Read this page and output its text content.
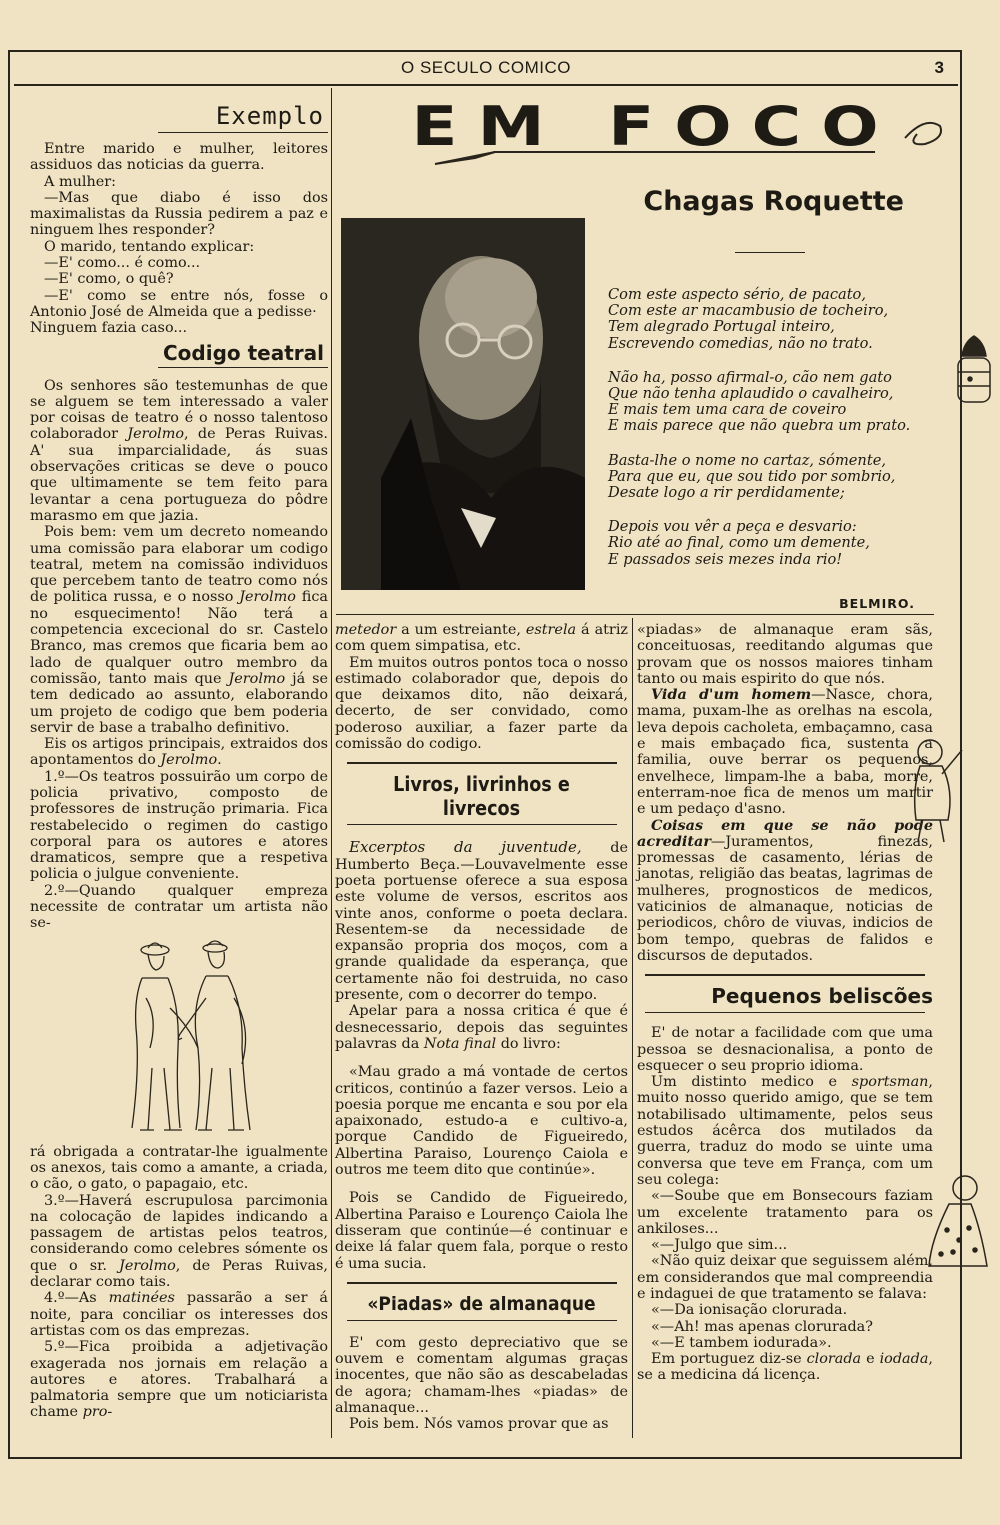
O SECULO COMICO	3
Exemplo

Entre marido e mulher, leitores assiduos das noticias da guerra.

A mulher:

—Mas que diabo é isso dos maximalistas da Russia pedirem a paz e ninguem lhes responder?

O marido, tentando explicar:

—E' como... é como...

—E' como, o quê?

—E' como se entre nós, fosse o Antonio José de Almeida que a pedisse·

Ninguem fazia caso...

Codigo teatral

Os senhores são testemunhas de que se alguem se tem interessado a valer por coisas de teatro é o nosso talentoso colaborador Jerolmo, de Peras Ruivas. A' sua imparcialidade, ás suas observações criticas se deve o pouco que ultimamente se tem feito para levantar a cena portugueza do pôdre marasmo em que jazia.

Pois bem: vem um decreto nomeando uma comissão para elaborar um codigo teatral, metem na comissão individuos que percebem tanto de teatro como nós de politica russa, e o nosso Jerolmo fica no esquecimento! Não terá a competencia excecional do sr. Castelo Branco, mas cremos que ficaria bem ao lado de qualquer outro membro da comissão, tanto mais que Jerolmo já se tem dedicado ao assunto, elaborando um projeto de codigo que bem poderia servir de base a trabalho definitivo.

Eis os artigos principais, extraidos dos apontamentos do Jerolmo.

1.º—Os teatros possuirão um corpo de policia privativo, composto de professores de instrução primaria. Fica restabelecido o regimen do castigo corporal para os autores e atores dramaticos, sempre que a respetiva policia o julgue conveniente.

2.º—Quando qualquer empreza necessite de contratar um artista não se-

rá obrigada a contratar-lhe igualmente os anexos, tais como a amante, a criada, o cão, o gato, o papagaio, etc.

3.º—Haverá escrupulosa parcimonia na colocação de lapides indicando a passagem de artistas pelos teatros, considerando como celebres sómente os que o sr. Jerolmo, de Peras Ruivas, declarar como tais.

4.º—As matinées passarão a ser á noite, para conciliar os interesses dos artistas com os das emprezas.

5.º—Fica proibida a adjetivação exagerada nos jornais em relação a autores e atores. Trabalhará a palmatoria sempre que um noticiarista chame pro-

EM FOCO
Chagas Roquette

Com este aspecto sério, de pacato,

Com este ar macambusio de tocheiro,

Tem alegrado Portugal inteiro,

Escrevendo comedias, não no trato.

Não ha, posso afirmal-o, cão nem gato

Que não tenha aplaudido o cavalheiro,

E mais tem uma cara de coveiro

E mais parece que não quebra um prato.

Basta-lhe o nome no cartaz, sómente,

Para que eu, que sou tido por sombrio,

Desate logo a rir perdidamente;

Depois vou vêr a peça e desvario:

Rio até ao final, como um demente,

E passados seis mezes inda rio!

BELMIRO.

metedor a um estreiante, estrela á atriz com quem simpatisa, etc.

Em muitos outros pontos toca o nosso estimado colaborador que, depois do que deixamos dito, não deixará, decerto, de ser convidado, como poderoso auxiliar, a fazer parte da comissão do codigo.

Livros, livrinhos e livrecos

Excerptos da juventude, de Humberto Beça.—Louvavelmente esse poeta portuense oferece a sua esposa este volume de versos, escritos aos vinte anos, conforme o poeta declara. Resentem-se da necessidade de expansão propria dos moços, com a grande qualidade da esperança, que certamente não foi destruida, no caso presente, com o decorrer do tempo.

Apelar para a nossa critica é que é desnecessario, depois das seguintes palavras da Nota final do livro:

«Mau grado a má vontade de certos criticos, continúo a fazer versos. Leio a poesia porque me encanta e sou por ela apaixonado, estudo-a e cultivo-a, porque Candido de Figueiredo, Albertina Paraiso, Lourenço Caiola e outros me teem dito que continúe».

Pois se Candido de Figueiredo, Albertina Paraiso e Lourenço Caiola lhe disseram que continúe—é continuar e deixe lá falar quem fala, porque o resto é uma sucia.

«Piadas» de almanaque

E' com gesto depreciativo que se ouvem e comentam algumas graças inocentes, que não são as descabeladas de agora; chamam-lhes «piadas» de almanaque...

Pois bem. Nós vamos provar que as

«piadas» de almanaque eram sãs, conceituosas, reeditando algumas que provam que os nossos maiores tinham tanto ou mais espirito do que nós.

Vida d'um homem—Nasce, chora, mama, puxam-lhe as orelhas na escola, leva depois cacholeta, embaçamno, casa e mais embaçado fica, sustenta a familia, ouve berrar os pequenos, envelhece, limpam-lhe a baba, morre, enterram-noe fica de menos um martir e um pedaço d'asno.

Coisas em que se não pode acreditar—Juramentos, finezas, promessas de casamento, lérias de janotas, religião das beatas, lagrimas de mulheres, prognosticos de medicos, vaticinios de almanaque, noticias de periodicos, chôro de viuvas, indicios de bom tempo, quebras de falidos e discursos de deputados.

Pequenos beliscões

E' de notar a facilidade com que uma pessoa se desnacionalisa, a ponto de esquecer o seu proprio idioma.

Um distinto medico e sportsman, muito nosso querido amigo, que se tem notabilisado ultimamente, pelos seus estudos ácêrca dos mutilados da guerra, traduz do modo se uinte uma conversa que teve em França, com um seu colega:

«—Soube que em Bonsecours faziam um excelente tratamento para os ankiloses...

«—Julgo que sim...

«Não quiz deixar que seguissem além, em considerandos que mal compreendia e indaguei de que tratamento se falava:

«—Da ionisação clorurada.

«—Ah! mas apenas clorurada?

«—E tambem iodurada».

Em portuguez diz-se clorada e iodada, se a medicina dá licença.
